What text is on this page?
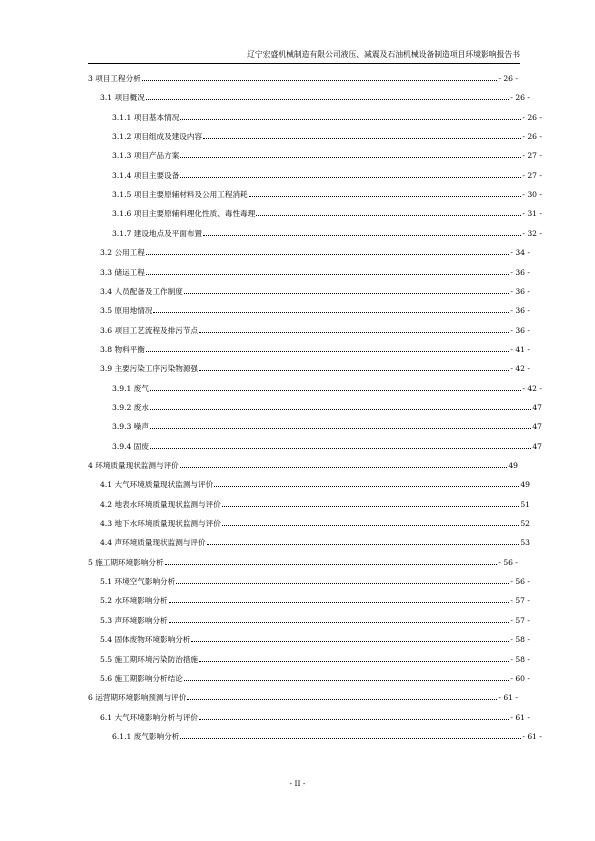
辽宁宏盛机械制造有限公司液压、减震及石油机械设备制造项目环境影响报告书
3 项目工程分析	- 26 -
3.1 项目概况	- 26 -
3.1.1 项目基本情况	- 26 -
3.1.2 项目组成及建设内容	- 26 -
3.1.3 项目产品方案	- 27 -
3.1.4 项目主要设备	- 27 -
3.1.5 项目主要原辅材料及公用工程消耗	- 30 -
3.1.6 项目主要原辅料理化性质、毒性毒理	- 31 -
3.1.7 建设地点及平面布置	- 32 -
3.2 公用工程	- 34 -
3.3 储运工程	- 36 -
3.4 人员配备及工作制度	- 36 -
3.5 原用地情况	- 36 -
3.6 项目工艺流程及排污节点	- 36 -
3.8 物料平衡	- 41 -
3.9 主要污染工序污染物源强	- 42 -
3.9.1 废气	- 42 -
3.9.2 废水	47
3.9.3 噪声	47
3.9.4 固废	47
4 环境质量现状监测与评价	49
4.1 大气环境质量现状监测与评价	49
4.2 地表水环境质量现状监测与评价	51
4.3 地下水环境质量现状监测与评价	52
4.4 声环境质量现状监测与评价	53
5 施工期环境影响分析	- 56 -
5.1 环境空气影响分析	- 56 -
5.2 水环境影响分析	- 57 -
5.3 声环境影响分析	- 57 -
5.4 固体废物环境影响分析	- 58 -
5.5 施工期环境污染防治措施	- 58 -
5.6 施工期影响分析结论	- 60 -
6 运营期环境影响预测与评价	- 61 -
6.1 大气环境影响分析与评价	- 61 -
6.1.1 废气影响分析	- 61 -
- II -
